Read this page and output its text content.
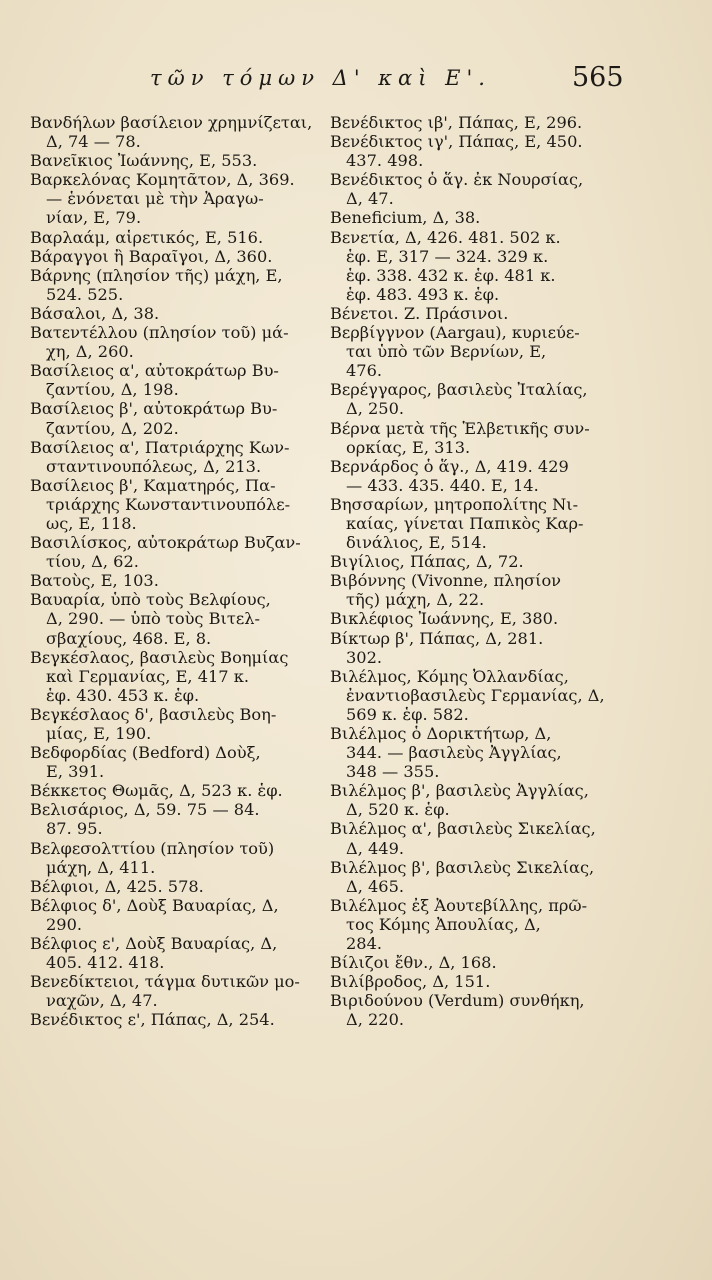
τῶν τόμων Δ' καὶ Ε'.	565
Βανδήλων βασίλειον χρημνίζεται,
Δ, 74 — 78.
Βανεῖκιος Ἰωάννης, Ε, 553.
Βαρκελόνας Κομητᾶτον, Δ, 369.
— ἑνόνεται μὲ τὴν Ἀραγω-
νίαν, Ε, 79.
Βαρλαάμ, αἱρετικός, Ε, 516.
Βάραγγοι ἢ Βαραῖγοι, Δ, 360.
Βάρνης (πλησίον τῆς) μάχη, Ε,
524. 525.
Βάσαλοι, Δ, 38.
Βατεντέλλου (πλησίον τοῦ) μά-
χη, Δ, 260.
Βασίλειος α', αὐτοκράτωρ Βυ-
ζαντίου, Δ, 198.
Βασίλειος β', αὐτοκράτωρ Βυ-
ζαντίου, Δ, 202.
Βασίλειος α', Πατριάρχης Κων-
σταντινουπόλεως, Δ, 213.
Βασίλειος β', Καματηρός, Πα-
τριάρχης Κωνσταντινουπόλε-
ως, Ε, 118.
Βασιλίσκος, αὐτοκράτωρ Βυζαν-
τίου, Δ, 62.
Βατοὺς, Ε, 103.
Βαυαρία, ὑπὸ τοὺς Βελφίους,
Δ, 290. — ὑπὸ τοὺς Βιτελ-
σβαχίους, 468. Ε, 8.
Βεγκέσλαος, βασιλεὺς Βοημίας
καὶ Γερμανίας, Ε, 417 κ.
ἑφ. 430. 453 κ. ἑφ.
Βεγκέσλαος δ', βασιλεὺς Βοη-
μίας, Ε, 190.
Βεδφορδίας (Bedford) Δοὺξ,
Ε, 391.
Βέκκετος Θωμᾶς, Δ, 523 κ. ἑφ.
Βελισάριος, Δ, 59. 75 — 84.
87. 95.
Βελφεσολττίου (πλησίον τοῦ)
μάχη, Δ, 411.
Βέλφιοι, Δ, 425. 578.
Βέλφιος δ', Δοὺξ Βαυαρίας, Δ,
290.
Βέλφιος ε', Δοὺξ Βαυαρίας, Δ,
405. 412. 418.
Βενεδίκτειοι, τάγμα δυτικῶν μο-
ναχῶν, Δ, 47.
Βενέδικτος ε', Πάπας, Δ, 254.
Βενέδικτος ιβ', Πάπας, Ε, 296.
Βενέδικτος ιγ', Πάπας, Ε, 450.
437. 498.
Βενέδικτος ὁ ἅγ. ἐκ Νουρσίας,
Δ, 47.
Beneficium, Δ, 38.
Βενετία, Δ, 426. 481. 502 κ.
ἑφ. Ε, 317 — 324. 329 κ.
ἑφ. 338. 432 κ. ἑφ. 481 κ.
ἑφ. 483. 493 κ. ἑφ.
Βένετοι. Ζ. Πράσινοι.
Βερβίγγνον (Aargau), κυριεύε-
ται ὑπὸ τῶν Βερνίων, Ε,
476.
Βερέγγαρος, βασιλεὺς Ἰταλίας,
Δ, 250.
Βέρνα μετὰ τῆς Ἑλβετικῆς συν-
ορκίας, Ε, 313.
Βερνάρδος ὁ ἅγ., Δ, 419. 429
— 433. 435. 440. Ε, 14.
Βησσαρίων, μητροπολίτης Νι-
καίας, γίνεται Παπικὸς Καρ-
δινάλιος, Ε, 514.
Βιγίλιος, Πάπας, Δ, 72.
Βιβόννης (Vivonne, πλησίον
τῆς) μάχη, Δ, 22.
Βικλέφιος Ἰωάννης, Ε, 380.
Βίκτωρ β', Πάπας, Δ, 281.
302.
Βιλέλμος, Κόμης Ὀλλανδίας,
ἐναντιοβασιλεὺς Γερμανίας, Δ,
569 κ. ἑφ. 582.
Βιλέλμος ὁ Δορικτήτωρ, Δ,
344. — βασιλεὺς Ἀγγλίας,
348 — 355.
Βιλέλμος β', βασιλεὺς Ἀγγλίας,
Δ, 520 κ. ἑφ.
Βιλέλμος α', βασιλεὺς Σικελίας,
Δ, 449.
Βιλέλμος β', βασιλεὺς Σικελίας,
Δ, 465.
Βιλέλμος ἐξ Ἀουτεβίλλης, πρῶ-
τος Κόμης Ἀπουλίας, Δ,
284.
Βίλιζοι ἔθν., Δ, 168.
Βιλίβροδος, Δ, 151.
Βιριδούνου (Verdum) συνθήκη,
Δ, 220.
